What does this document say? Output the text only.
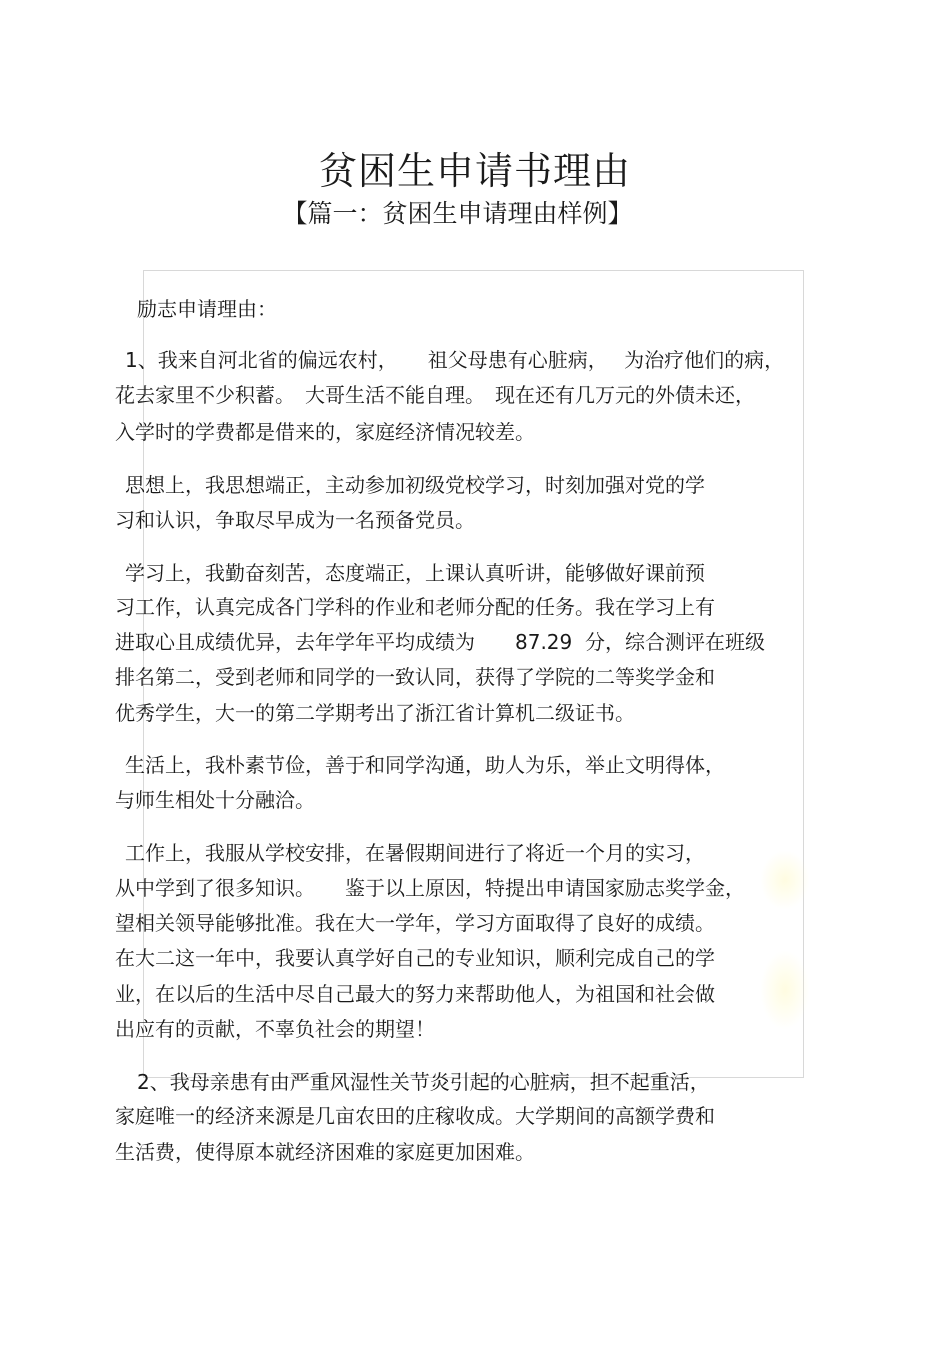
贫困生申请书理由
【篇一：贫困生申请理由样例】
励志申请理由：
1、我来自河北省的偏远农村，　　祖父母患有心脏病，　 为治疗他们的病，
花去家里不少积蓄。　大哥生活不能自理。　现在还有几万元的外债未还，
入学时的学费都是借来的，家庭经济情况较差。
思想上，我思想端正，主动参加初级党校学习，时刻加强对党的学
习和认识，争取尽早成为一名预备党员。
学习上，我勤奋刻苦，态度端正，上课认真听讲，能够做好课前预
习工作，认真完成各门学科的作业和老师分配的任务。我在学习上有
进取心且成绩优异，去年学年平均成绩为　　87.29  分，综合测评在班级
排名第二，受到老师和同学的一致认同，获得了学院的二等奖学金和
优秀学生，大一的第二学期考出了浙江省计算机二级证书。
生活上，我朴素节俭，善于和同学沟通，助人为乐，举止文明得体，
与师生相处十分融洽。
工作上，我服从学校安排，在暑假期间进行了将近一个月的实习，
从中学到了很多知识。　　鉴于以上原因，特提出申请国家励志奖学金，
望相关领导能够批准。我在大一学年，学习方面取得了良好的成绩。
在大二这一年中，我要认真学好自己的专业知识，顺利完成自己的学
业，在以后的生活中尽自己最大的努力来帮助他人，为祖国和社会做
出应有的贡献，不辜负社会的期望！
2、我母亲患有由严重风湿性关节炎引起的心脏病，担不起重活，
家庭唯一的经济来源是几亩农田的庄稼收成。大学期间的高额学费和
生活费，使得原本就经济困难的家庭更加困难。
